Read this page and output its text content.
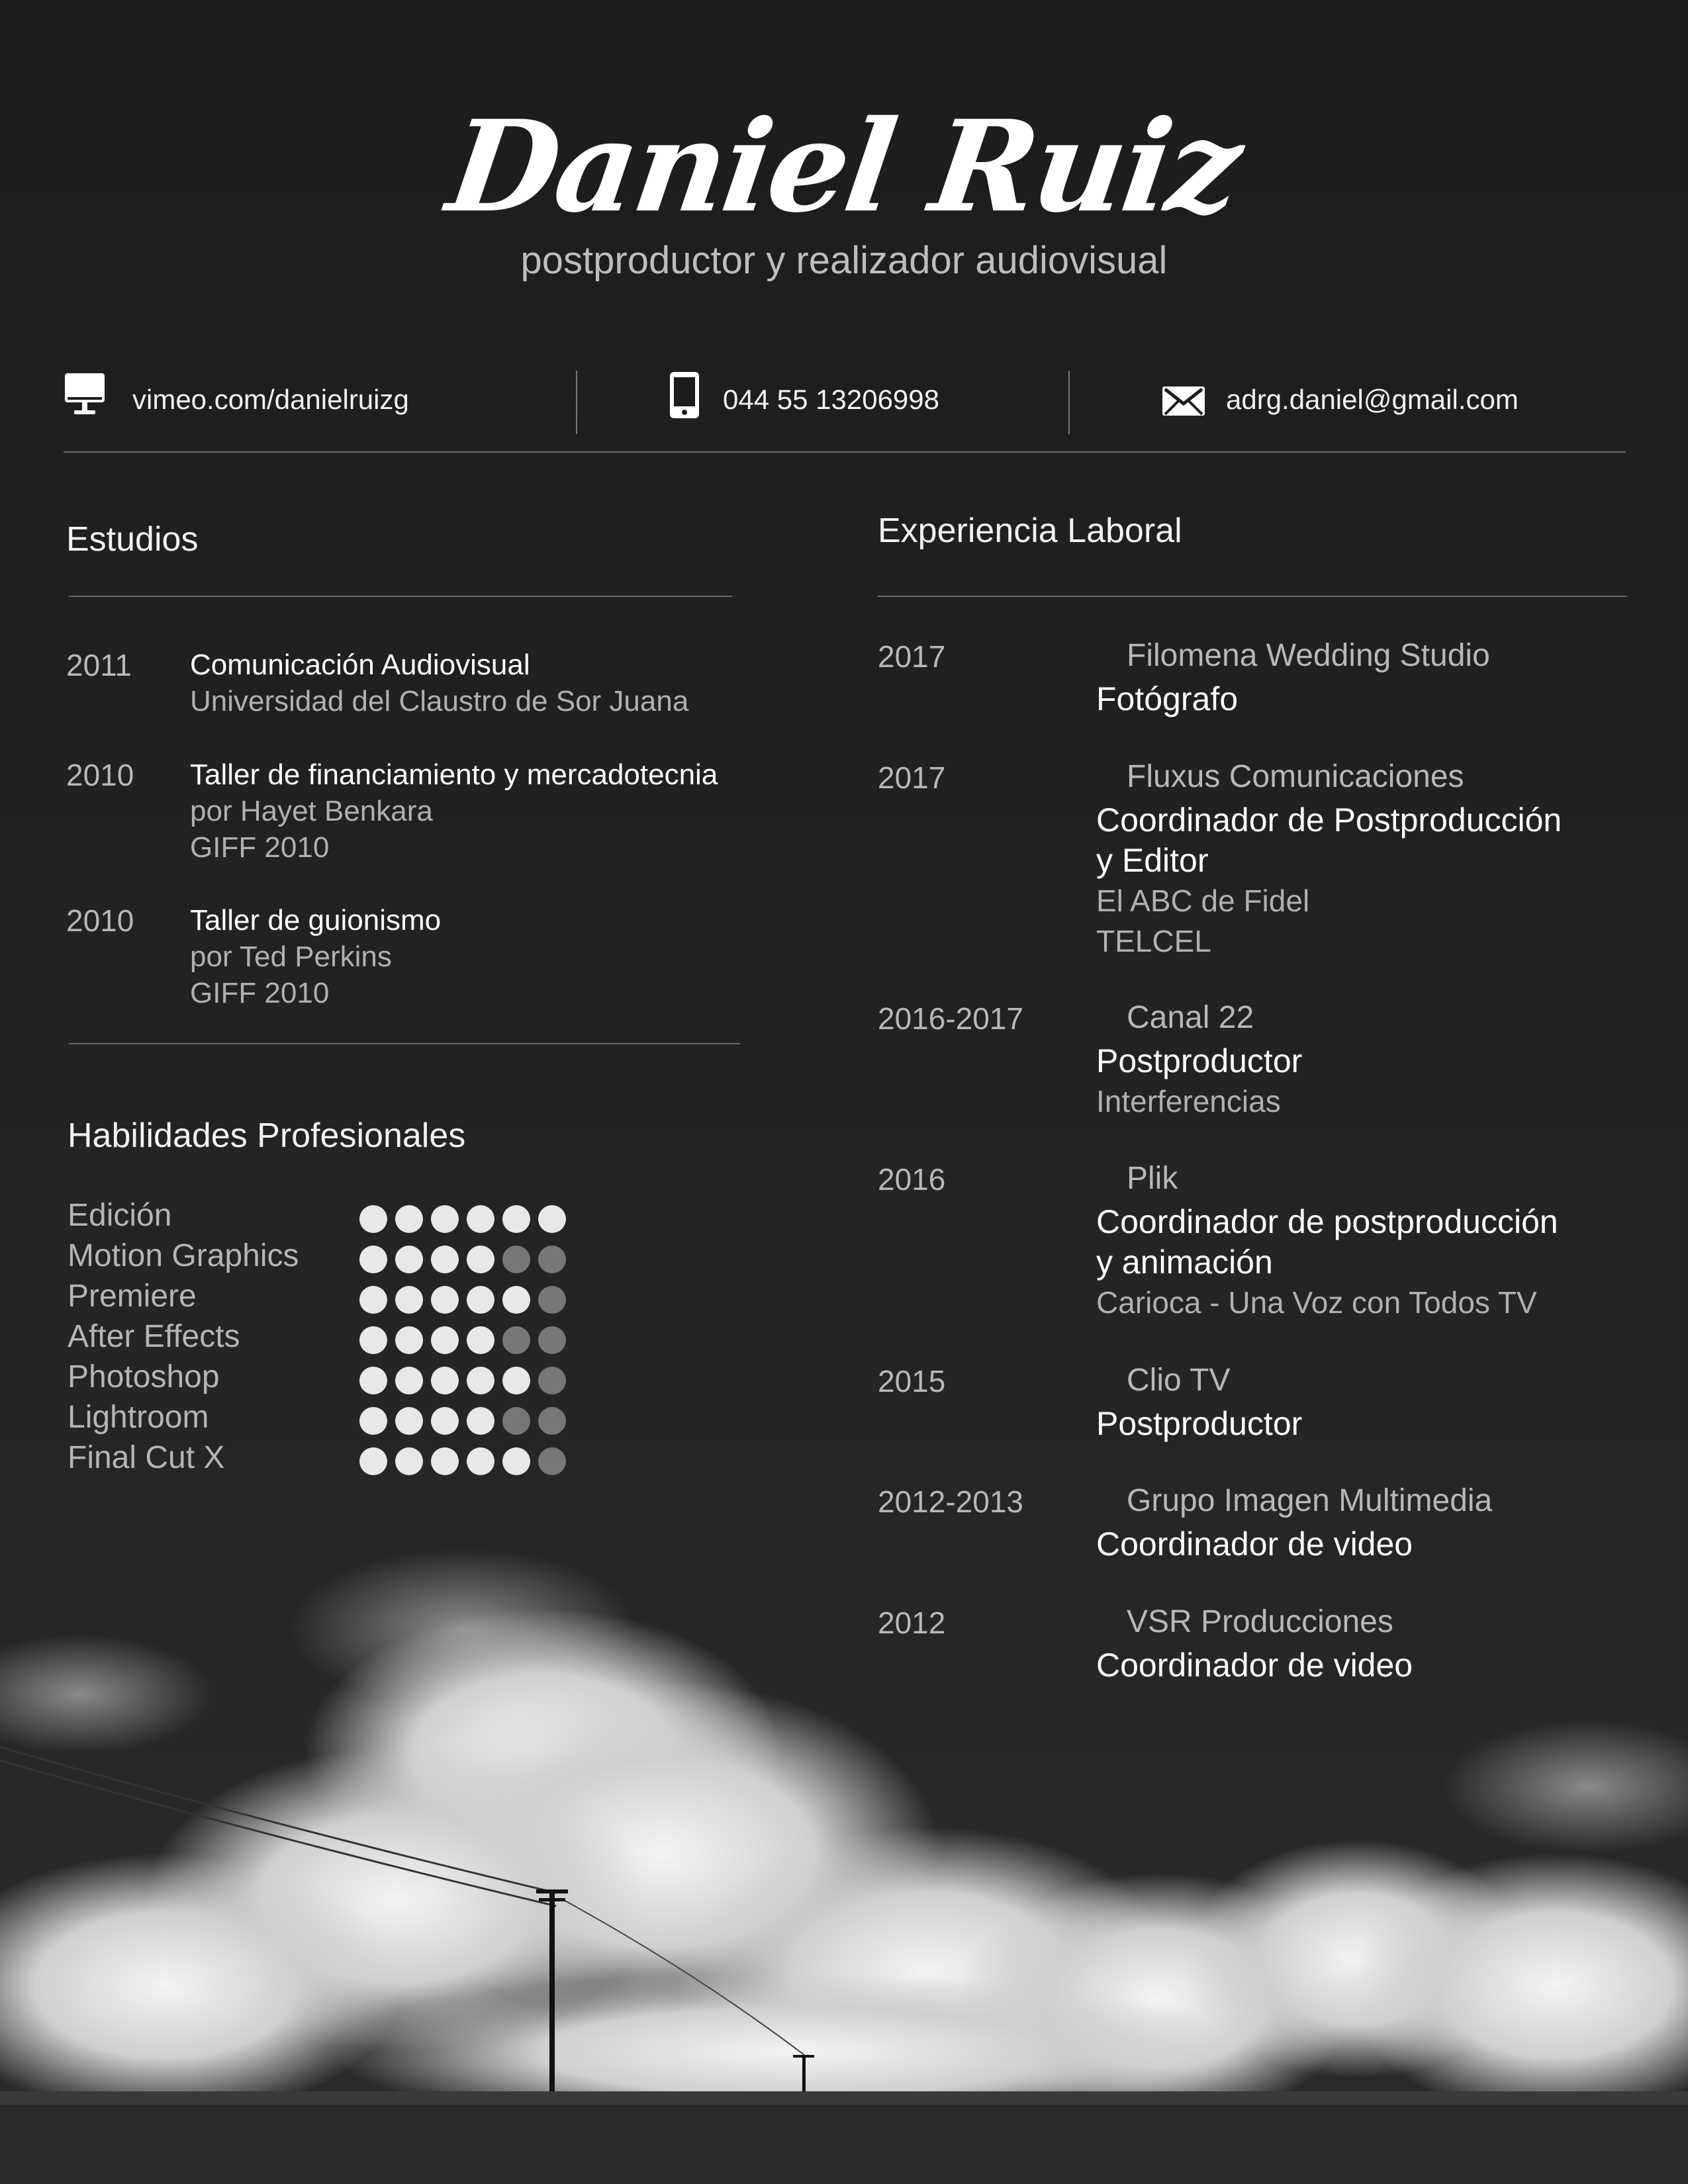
Daniel Ruiz
postproductor y realizador audiovisual
vimeo.com/danielruizg	044 55 13206998	adrg.daniel@gmail.com
Estudios
2011 Comunicación Audiovisual
Universidad del Claustro de Sor Juana
2010 Taller de financiamiento y mercadotecnia
por Hayet Benkara
GIFF 2010
2010 Taller de guionismo
por Ted Perkins
GIFF 2010
Habilidades Profesionales
Edición
Motion Graphics
Premiere
After Effects
Photoshop
Lightroom
Final Cut X
Experiencia Laboral
2017	Filomena Wedding Studio
Fotógrafo
2017	Fluxus Comunicaciones
Coordinador de Postproducción
y Editor
El ABC de Fidel
TELCEL
2016-2017	Canal 22
Postproductor
Interferencias
2016	Plik
Coordinador de postproducción
y animación
Carioca - Una Voz con Todos TV
2015	Clio TV
Postproductor
2012-2013	Grupo Imagen Multimedia
Coordinador de video
2012	VSR Producciones
Coordinador de video
